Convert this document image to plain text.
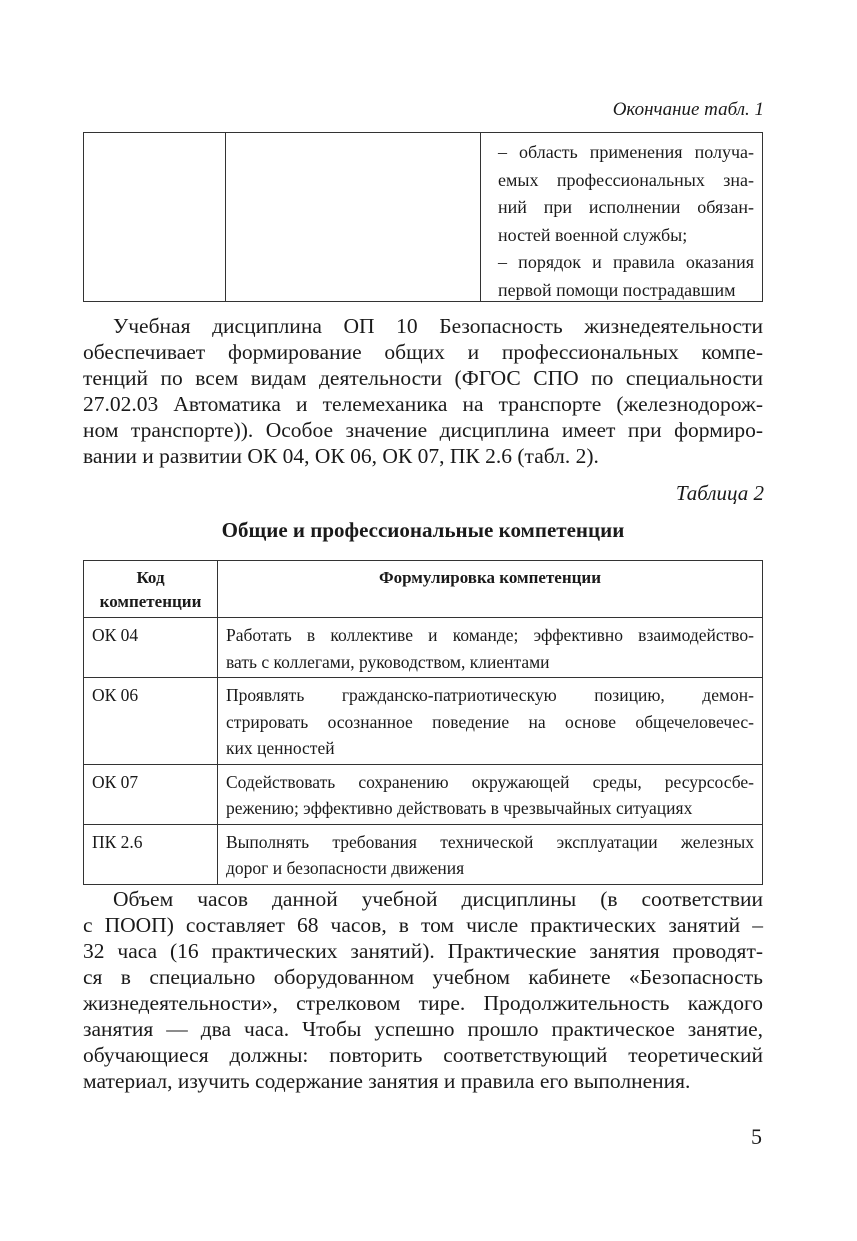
Окончание табл. 1
– область применения получа-
емых профессиональных зна-
ний при исполнении обязан-
ностей военной службы;
– порядок и правила оказания
первой помощи пострадавшим
Учебная дисциплина ОП 10 Безопасность жизнедеятельности
обеспечивает формирование общих и профессиональных компе-
тенций по всем видам деятельности (ФГОС СПО по специальности
27.02.03 Автоматика и телемеханика на транспорте (железнодорож-
ном транспорте)). Особое значение дисциплина имеет при формиро-
вании и развитии ОК 04, ОК 06, ОК 07, ПК 2.6 (табл. 2).
Таблица 2
Общие и профессиональные компетенции
Код
компетенции	Формулировка компетенции
ОК 04	Работать в коллективе и команде; эффективно взаимодейство-
вать с коллегами, руководством, клиентами

ОК 06	Проявлять гражданско-патриотическую позицию, демон-
стрировать осознанное поведение на основе общечеловечес-
ких ценностей

ОК 07	Содействовать сохранению окружающей среды, ресурсосбе-
режению; эффективно действовать в чрезвычайных ситуациях

ПК 2.6	Выполнять требования технической эксплуатации железных
дорог и безопасности движения
Объем часов данной учебной дисциплины (в соответствии
с ПООП) составляет 68 часов, в том числе практических занятий –
32 часа (16 практических занятий). Практические занятия проводят-
ся в специально оборудованном учебном кабинете «Безопасность
жизнедеятельности», стрелковом тире. Продолжительность каждого
занятия — два часа. Чтобы успешно прошло практическое занятие,
обучающиеся должны: повторить соответствующий теоретический
материал, изучить содержание занятия и правила его выполнения.
5
